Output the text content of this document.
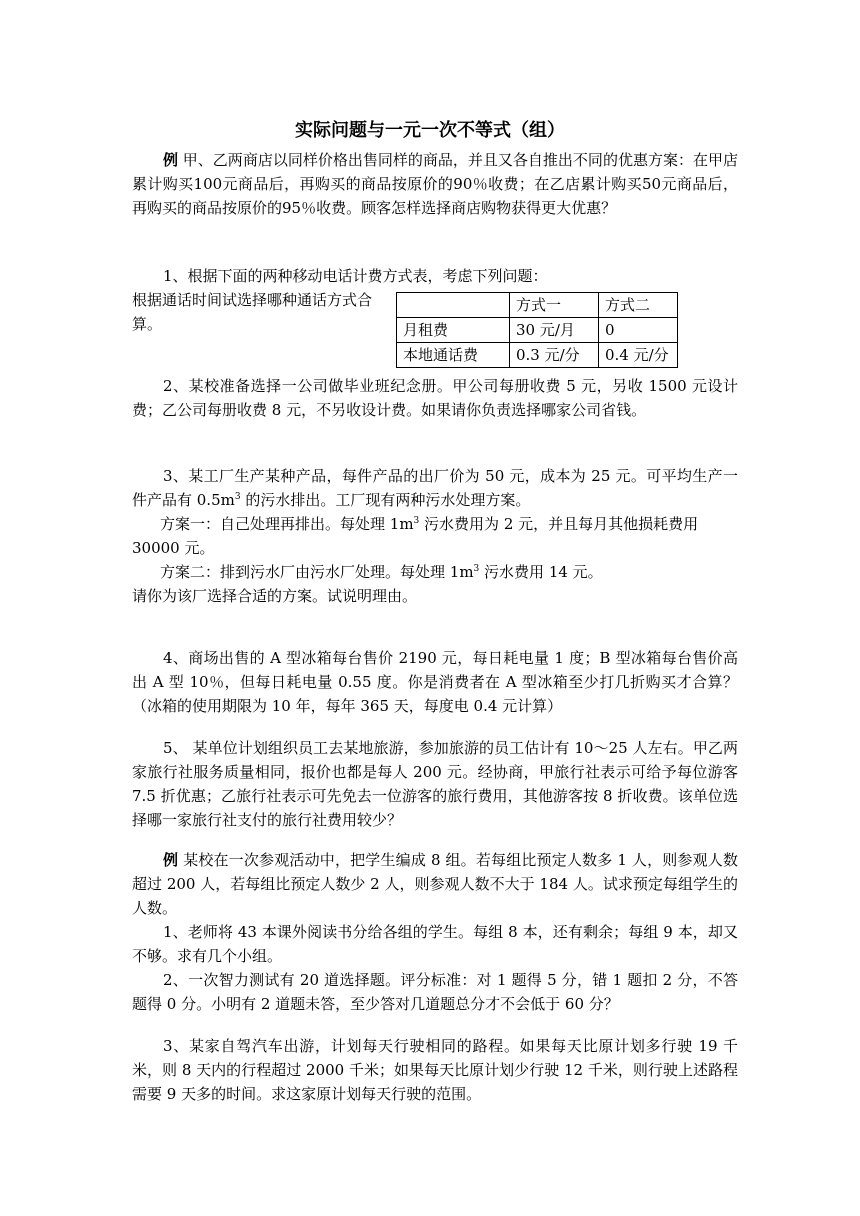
实际问题与一元一次不等式（组）

例 甲、乙两商店以同样价格出售同样的商品，并且又各自推出不同的优惠方案：在甲店累计购买100元商品后，再购买的商品按原价的90％收费；在乙店累计购买50元商品后，再购买的商品按原价的95％收费。顾客怎样选择商店购物获得更大优惠？

1、根据下面的两种移动电话计费方式表，考虑下列问题：

根据通话时间试选择哪种通话方式合算。

	方式一	方式二
月租费	30 元/月	0
本地通话费	0.3 元/分	0.4 元/分

2、某校准备选择一公司做毕业班纪念册。甲公司每册收费 5 元，另收 1500 元设计费；乙公司每册收费 8 元，不另收设计费。如果请你负责选择哪家公司省钱。

3、某工厂生产某种产品，每件产品的出厂价为 50 元，成本为 25 元。可平均生产一件产品有 $0.5m^3$ 的污水排出。工厂现有两种污水处理方案。

方案一：自己处理再排出。每处理 $1m^3$ 污水费用为 2 元，并且每月其他损耗费用

30000 元。

方案二：排到污水厂由污水厂处理。每处理 $1m^3$ 污水费用 14 元。

请你为该厂选择合适的方案。试说明理由。

4、商场出售的 A 型冰箱每台售价 2190 元，每日耗电量 1 度；B 型冰箱每台售价高出 A 型 10％，但每日耗电量 0.55 度。你是消费者在 A 型冰箱至少打几折购买才合算？（冰箱的使用期限为 10 年，每年 365 天，每度电 0.4 元计算）

5、 某单位计划组织员工去某地旅游，参加旅游的员工估计有 10～25 人左右。甲乙两家旅行社服务质量相同，报价也都是每人 200 元。经协商，甲旅行社表示可给予每位游客 7.5 折优惠；乙旅行社表示可先免去一位游客的旅行费用，其他游客按 8 折收费。该单位选择哪一家旅行社支付的旅行社费用较少？

例 某校在一次参观活动中，把学生编成 8 组。若每组比预定人数多 1 人，则参观人数超过 200 人，若每组比预定人数少 2 人，则参观人数不大于 184 人。试求预定每组学生的人数。

1、老师将 43 本课外阅读书分给各组的学生。每组 8 本，还有剩余；每组 9 本，却又不够。求有几个小组。

2、一次智力测试有 20 道选择题。评分标准：对 1 题得 5 分，错 1 题扣 2 分，不答题得 0 分。小明有 2 道题未答，至少答对几道题总分才不会低于 60 分？

3、某家自驾汽车出游，计划每天行驶相同的路程。如果每天比原计划多行驶 19 千米，则 8 天内的行程超过 2000 千米；如果每天比原计划少行驶 12 千米，则行驶上述路程需要 9 天多的时间。求这家原计划每天行驶的范围。
